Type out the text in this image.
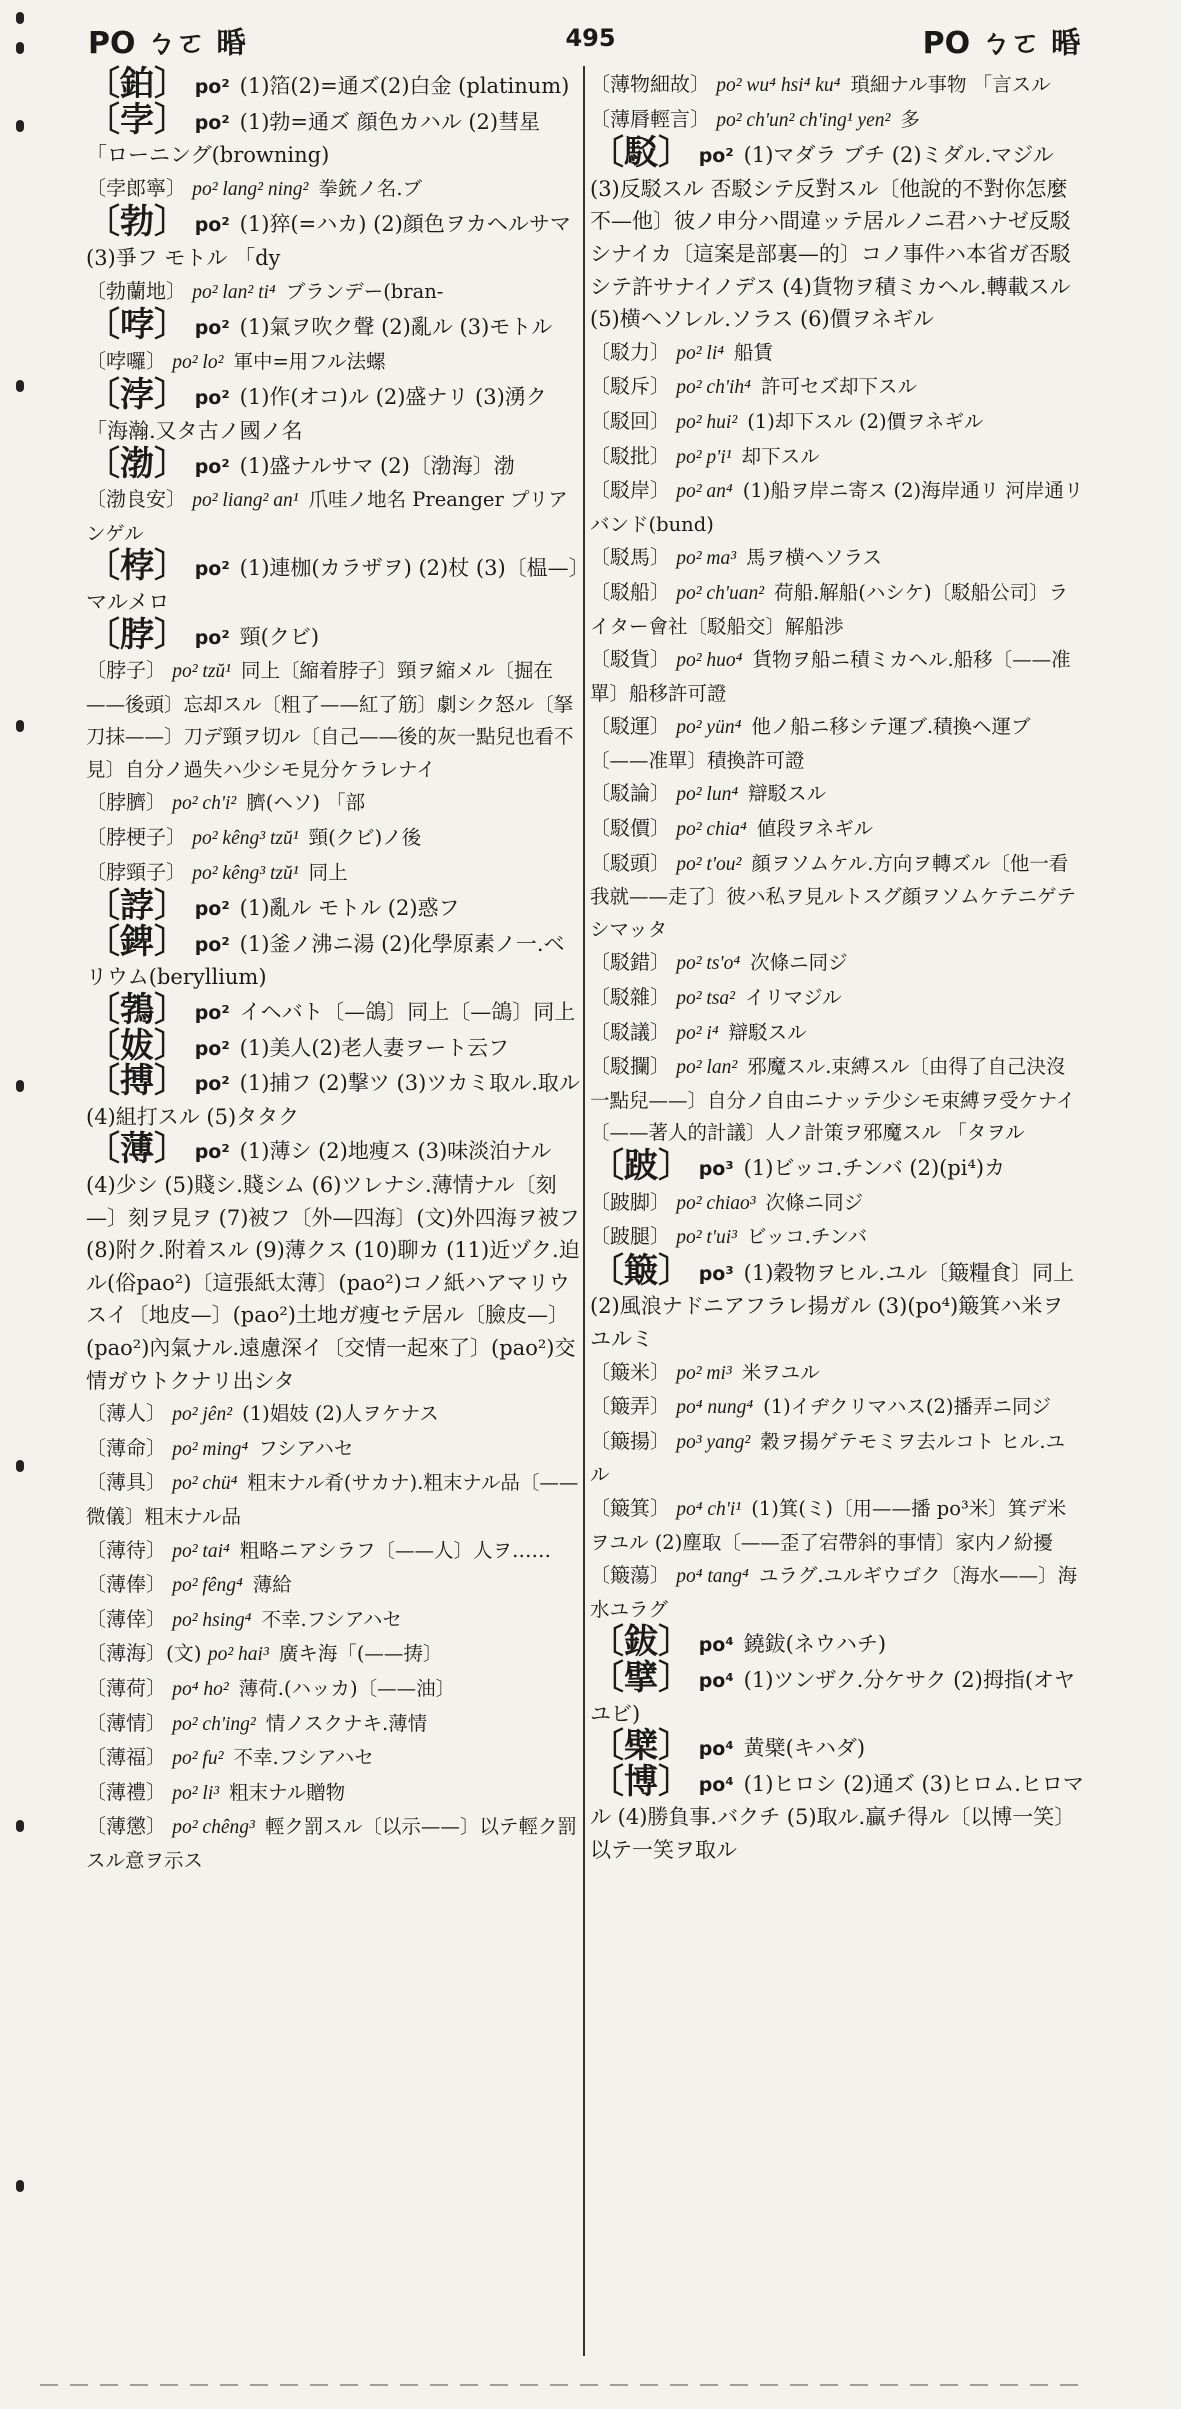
PO ㄅㄛ 𣇲	495	PO ㄅㄛ 𣇲

〔鉑〕 po² (1)箔(2)=通ズ(2)白金 (platinum)

〔孛〕 po² (1)勃=通ズ 顔色カハル (2)彗星 「ローニング(browning)

〔孛郎寧〕 po² lang² ning² 拳銃ノ名.ブ

〔勃〕 po² (1)猝(=ハカ) (2)顔色ヲカヘルサマ (3)爭フ モトル 「dy

〔勃蘭地〕 po² lan² ti⁴ ブランデー(bran-

〔哱〕 po² (1)氣ヲ吹ク聲 (2)亂ル (3)モトル

〔哱囉〕 po² lo² 軍中=用フル法螺

〔浡〕 po² (1)作(オコ)ル (2)盛ナリ (3)湧ク 「海瀚.又タ古ノ國ノ名

〔渤〕 po² (1)盛ナルサマ (2)〔渤海〕渤

〔渤良安〕 po² liang² an¹ 爪哇ノ地名 Preanger プリアンゲル

〔桲〕 po² (1)連枷(カラザヲ) (2)杖 (3)〔榅—〕マルメロ

〔脖〕 po² 頸(クビ)

〔脖子〕 po² tzŭ¹ 同上〔縮着脖子〕頸ヲ縮メル〔掘在——後頭〕忘却スル〔粗了——紅了筋〕劇シク怒ル〔拏刀抹——〕刀デ頸ヲ切ル〔自己——後的灰一點兒也看不見〕自分ノ過失ハ少シモ見分ケラレナイ

〔脖臍〕 po² ch'i² 臍(ヘソ) 「部

〔脖梗子〕 po² kêng³ tzŭ¹ 頸(クビ)ノ後

〔脖頸子〕 po² kêng³ tzŭ¹ 同上

〔誖〕 po² (1)亂ル モトル (2)惑フ

〔錍〕 po² (1)釜ノ沸ニ湯 (2)化學原素ノ一.ベリウム(beryllium)

〔鵓〕 po² イヘバト〔—鴿〕同上〔—鴿〕同上

〔妭〕 po² (1)美人(2)老人妻ヲート云フ

〔搏〕 po² (1)捕フ (2)撃ツ (3)ツカミ取ル.取ル (4)組打スル (5)タタク

〔薄〕 po² (1)薄シ (2)地痩ス (3)味淡泊ナル (4)少シ (5)賤シ.賤シム (6)ツレナシ.薄情ナル〔刻—〕刻ヲ見ヲ (7)被フ〔外—四海〕(文)外四海ヲ被フ (8)附ク.附着スル (9)薄クス (10)聊カ (11)近ヅク.迫ル(俗pao²)〔這張紙太薄〕(pao²)コノ紙ハアマリウスイ〔地皮—〕(pao²)土地ガ痩セテ居ル〔臉皮—〕(pao²)內氣ナル.遠慮深イ〔交情一起來了〕(pao²)交情ガウトクナリ出シタ

〔薄人〕 po² jên² (1)娼妓 (2)人ヲケナス

〔薄命〕 po² ming⁴ フシアハセ

〔薄具〕 po² chü⁴ 粗末ナル肴(サカナ).粗末ナル品〔——微儀〕粗末ナル品

〔薄待〕 po² tai⁴ 粗略ニアシラフ〔——人〕人ヲ……

〔薄俸〕 po² fêng⁴ 薄給

〔薄倖〕 po² hsing⁴ 不幸.フシアハセ

〔薄海〕(文) po² hai³ 廣キ海「(——𢭏〕

〔薄荷〕 po⁴ ho² 薄荷.(ハッカ)〔——油〕

〔薄情〕 po² ch'ing² 情ノスクナキ.薄情

〔薄福〕 po² fu² 不幸.フシアハセ

〔薄禮〕 po² li³ 粗末ナル贈物

〔薄懲〕 po² chêng³ 輕ク罰スル〔以示——〕以テ輕ク罰スル意ヲ示ス

〔薄物細故〕 po² wu⁴ hsi⁴ ku⁴ 瑣細ナル事物 「言スル

〔薄脣輕言〕 po² ch'un² ch'ing¹ yen² 多

〔駁〕 po² (1)マダラ ブチ (2)ミダル.マジル (3)反駁スル 否駁シテ反對スル〔他說的不對你怎麼不—他〕彼ノ申分ハ間違ッテ居ルノニ君ハナゼ反駁シナイカ〔這案是部裏—的〕コノ事件ハ本省ガ否駁シテ許サナイノデス (4)貨物ヲ積ミカヘル.轉載スル (5)横ヘソレル.ソラス (6)價ヲネギル

〔駁力〕 po² li⁴ 船賃

〔駁斥〕 po² ch'ih⁴ 許可セズ却下スル

〔駁回〕 po² hui² (1)却下スル (2)價ヲネギル

〔駁批〕 po² p'i¹ 却下スル

〔駁岸〕 po² an⁴ (1)船ヲ岸ニ寄ス (2)海岸通リ 河岸通リ バンド(bund)

〔駁馬〕 po² ma³ 馬ヲ横ヘソラス

〔駁船〕 po² ch'uan² 荷船.解船(ハシケ)〔駁船公司〕ライター會社〔駁船交〕解船渉

〔駁貨〕 po² huo⁴ 貨物ヲ船ニ積ミカヘル.船移〔——准單〕船移許可證

〔駁運〕 po² yün⁴ 他ノ船ニ移シテ運ブ.積換ヘ運ブ〔——准單〕積換許可證

〔駁論〕 po² lun⁴ 辯駁スル

〔駁價〕 po² chia⁴ 値段ヲネギル

〔駁頭〕 po² t'ou² 顔ヲソムケル.方向ヲ轉ズル〔他一看我就——走了〕彼ハ私ヲ見ルトスグ顔ヲソムケテニゲテシマッタ

〔駁錯〕 po² ts'o⁴ 次條ニ同ジ

〔駁雜〕 po² tsa² イリマジル

〔駁議〕 po² i⁴ 辯駁スル

〔駁攔〕 po² lan² 邪魔スル.束縛スル〔由得了自己決沒一點兒——〕自分ノ自由ニナッテ少シモ束縛ヲ受ケナイ〔——著人的計議〕人ノ計策ヲ邪魔スル 「タヲル

〔跛〕 po³ (1)ビッコ.チンバ (2)(pi⁴)カ

〔跛脚〕 po² chiao³ 次條ニ同ジ

〔跛腿〕 po² t'ui³ ビッコ.チンバ

〔簸〕 po³ (1)穀物ヲヒル.ユル〔簸糧食〕同上 (2)風浪ナドニアフラレ揚ガル (3)(po⁴)簸箕ハ米ヲユルミ

〔簸米〕 po² mi³ 米ヲユル

〔簸弄〕 po⁴ nung⁴ (1)イヂクリマハス(2)播弄ニ同ジ

〔簸揚〕 po³ yang² 穀ヲ揚ゲテモミヲ去ルコト ヒル.ユル

〔簸箕〕 po⁴ ch'i¹ (1)箕(ミ)〔用——播 po³米〕箕デ米ヲユル (2)塵取〔——歪了宕帶斜的事情〕家内ノ紛擾

〔簸蕩〕 po⁴ tang⁴ ユラグ.ユルギウゴク〔海水——〕海水ユラグ

〔鈸〕 po⁴ 鐃鈸(ネウハチ)

〔擘〕 po⁴ (1)ツンザク.分ケサク (2)拇指(オヤユビ)

〔檗〕 po⁴ 黄檗(キハダ)

〔博〕 po⁴ (1)ヒロシ (2)通ズ (3)ヒロム.ヒロマル (4)勝負事.バクチ (5)取ル.贏チ得ル〔以博一笑〕以テ一笑ヲ取ル
